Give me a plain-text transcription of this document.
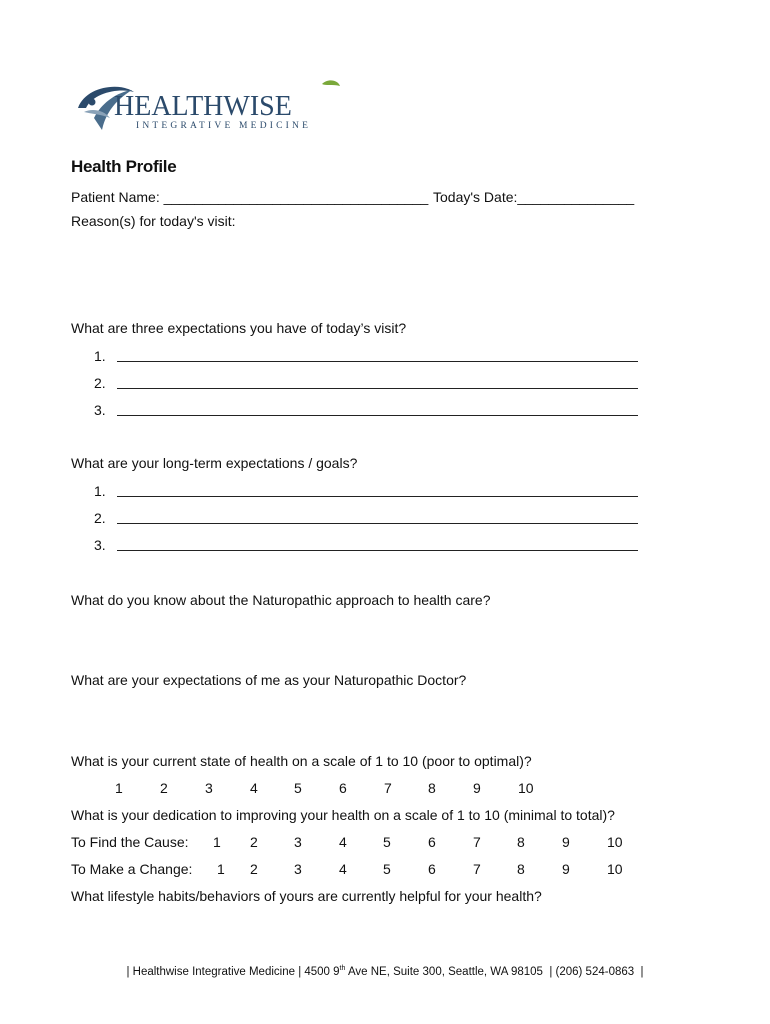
HEALTHWISE
INTEGRATIVE MEDICINE
Health Profile
Patient Name: __________________________________ Today's Date:_______________
Reason(s) for today's visit:
What are three expectations you have of today’s visit?
1.
2.
3.
What are your long-term expectations / goals?
1.
2.
3.
What do you know about the Naturopathic approach to health care?
What are your expectations of me as your Naturopathic Doctor?
What is your current state of health on a scale of 1 to 10 (poor to optimal)?
1	2	3	4	5	6	7	8	9	10
What is your dedication to improving your health on a scale of 1 to 10 (minimal to total)?
To Find the Cause: 1 2	3	4	5	6	7	8	9	10
To Make a Change: 1 2	3	4	5	6	7	8	9	10
What lifestyle habits/behaviors of yours are currently helpful for your health?
| Healthwise Integrative Medicine | 4500 9th Ave NE, Suite 300, Seattle, WA 98105  | (206) 524-0863  |
